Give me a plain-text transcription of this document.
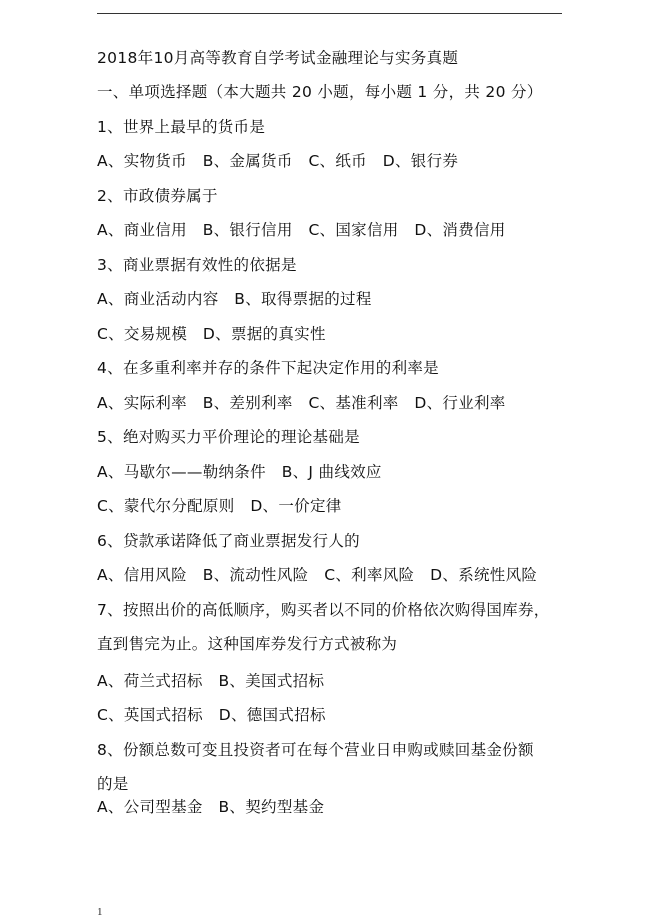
2018年10月高等教育自学考试金融理论与实务真题
一、单项选择题（本大题共 20 小题，每小题 1 分，共 20 分）
1、世界上最早的货币是
A、实物货币　B、金属货币　C、纸币　D、银行券
2、市政债券属于
A、商业信用　B、银行信用　C、国家信用　D、消费信用
3、商业票据有效性的依据是
A、商业活动内容　B、取得票据的过程
C、交易规模　D、票据的真实性
4、在多重利率并存的条件下起决定作用的利率是
A、实际利率　B、差别利率　C、基准利率　D、行业利率
5、绝对购买力平价理论的理论基础是
A、马歇尔——勒纳条件　B、J 曲线效应
C、蒙代尔分配原则　D、一价定律
6、贷款承诺降低了商业票据发行人的
A、信用风险　B、流动性风险　C、利率风险　D、系统性风险
7、按照出价的高低顺序，购买者以不同的价格依次购得国库券，
直到售完为止。这种国库券发行方式被称为
A、荷兰式招标　B、美国式招标
C、英国式招标　D、德国式招标
8、份额总数可变且投资者可在每个营业日申购或赎回基金份额
的是
A、公司型基金　B、契约型基金
1
